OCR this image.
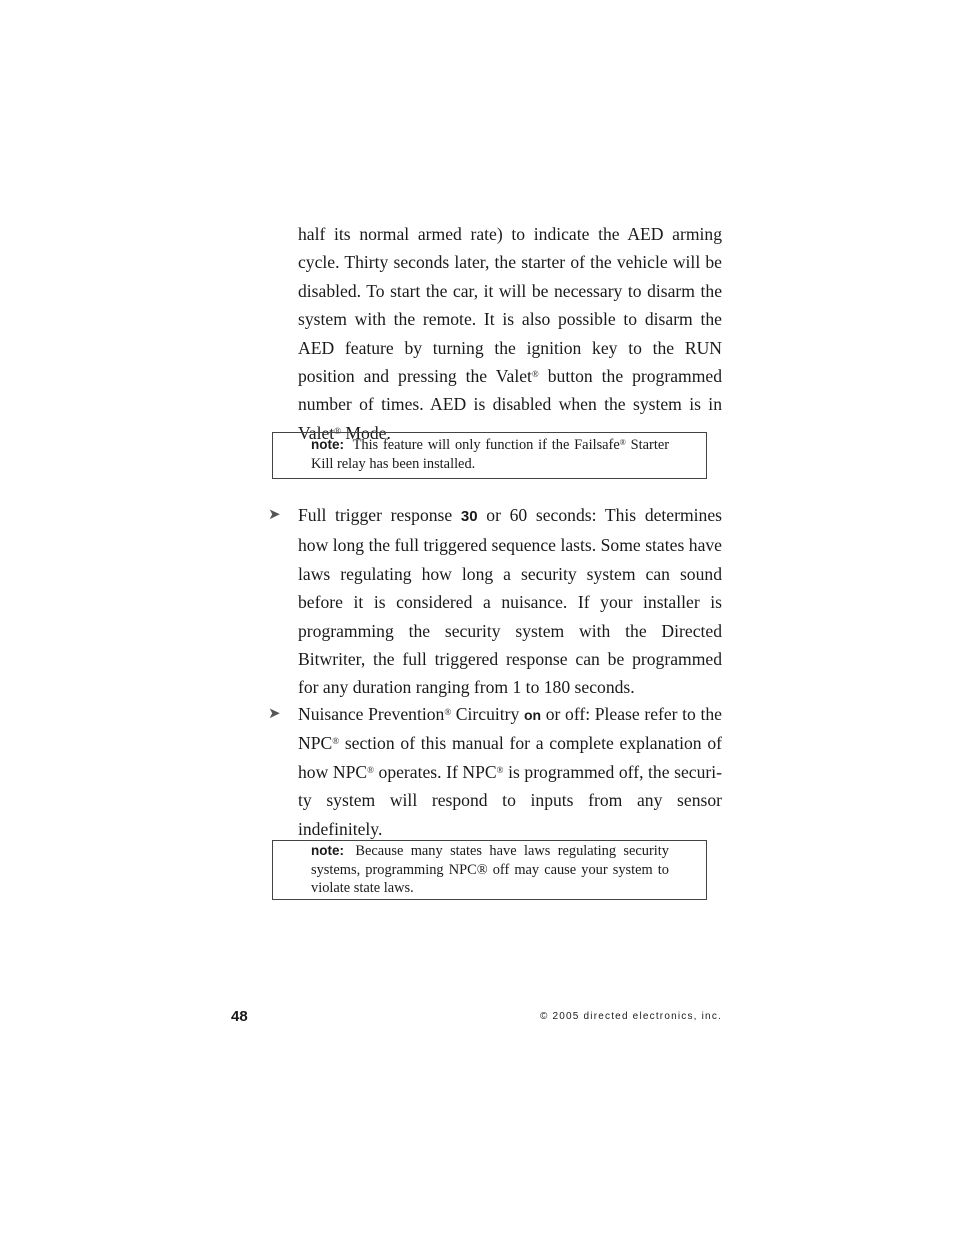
half its normal armed rate) to indicate the AED arming cycle. Thirty seconds later, the starter of the vehicle will be disabled. To start the car, it will be necessary to disarm the system with the remote. It is also possible to disarm the AED feature by turning the ignition key to the RUN position and pressing the Valet® button the programmed number of times. AED is disabled when the system is in Valet® Mode.

note: This feature will only function if the Failsafe® Starter Kill relay has been installed.

➤ Full trigger response 30 or 60 seconds: This determines how long the full triggered sequence lasts. Some states have laws regulating how long a security system can sound before it is considered a nuisance. If your installer is programming the security system with the Directed Bitwriter, the full triggered response can be programmed for any duration ranging from 1 to 180 seconds.

➤ Nuisance Prevention® Circuitry on or off: Please refer to the NPC® section of this manual for a complete explanation of how NPC® operates. If NPC® is programmed off, the securi-ty system will respond to inputs from any sensor indefinitely.

note: Because many states have laws regulating security systems, programming NPC® off may cause your system to violate state laws.

48	© 2005 directed electronics, inc.
